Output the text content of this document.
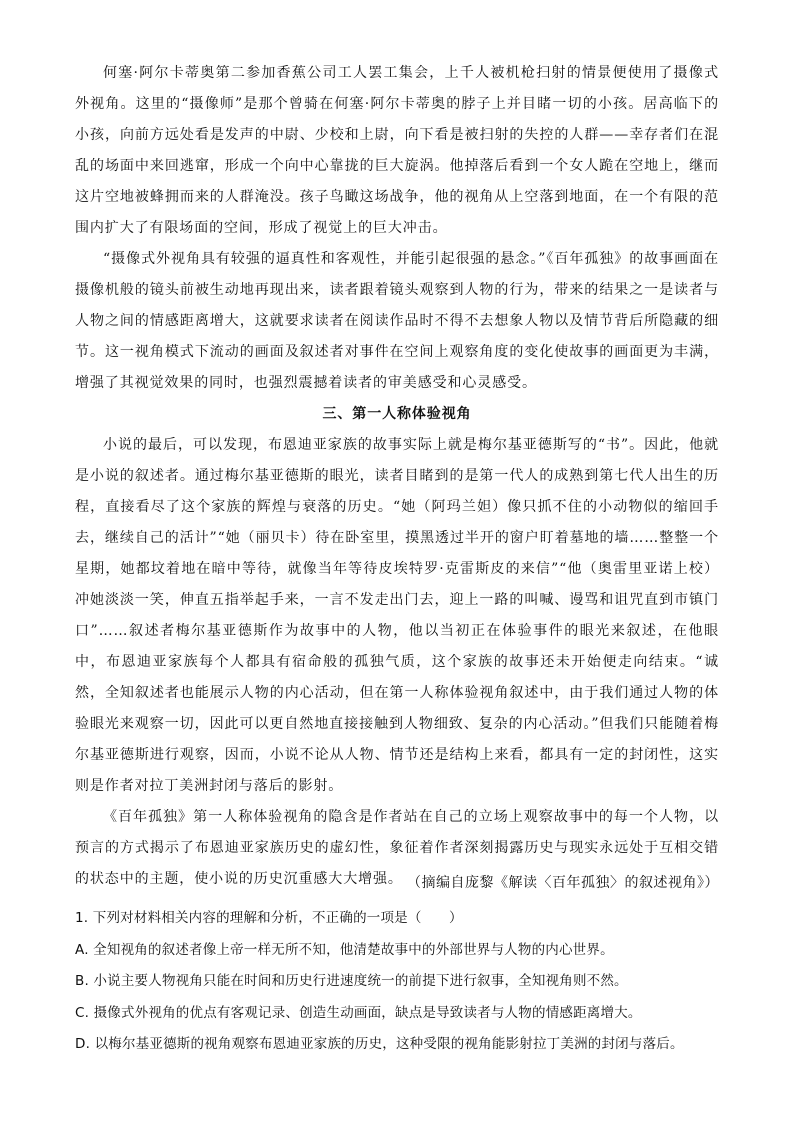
何塞·阿尔卡蒂奥第二参加香蕉公司工人罢工集会，上千人被机枪扫射的情景便使用了摄像式外视角。这里的“摄像师”是那个曾骑在何塞·阿尔卡蒂奥的脖子上并目睹一切的小孩。居高临下的小孩，向前方远处看是发声的中尉、少校和上尉，向下看是被扫射的失控的人群——幸存者们在混乱的场面中来回逃窜，形成一个向中心靠拢的巨大旋涡。他掉落后看到一个女人跪在空地上，继而这片空地被蜂拥而来的人群淹没。孩子鸟瞰这场战争，他的视角从上空落到地面，在一个有限的范围内扩大了有限场面的空间，形成了视觉上的巨大冲击。

“摄像式外视角具有较强的逼真性和客观性，并能引起很强的悬念。”《百年孤独》的故事画面在摄像机般的镜头前被生动地再现出来，读者跟着镜头观察到人物的行为，带来的结果之一是读者与人物之间的情感距离增大，这就要求读者在阅读作品时不得不去想象人物以及情节背后所隐藏的细节。这一视角模式下流动的画面及叙述者对事件在空间上观察角度的变化使故事的画面更为丰满，增强了其视觉效果的同时，也强烈震撼着读者的审美感受和心灵感受。

三、第一人称体验视角

小说的最后，可以发现，布恩迪亚家族的故事实际上就是梅尔基亚德斯写的“书”。因此，他就是小说的叙述者。通过梅尔基亚德斯的眼光，读者目睹到的是第一代人的成熟到第七代人出生的历程，直接看尽了这个家族的辉煌与衰落的历史。“她（阿玛兰妲）像只抓不住的小动物似的缩回手去，继续自己的活计”“她（丽贝卡）待在卧室里，摸黑透过半开的窗户盯着墓地的墙……整整一个星期，她都坟着地在暗中等待，就像当年等待皮埃特罗·克雷斯皮的来信”“他（奥雷里亚诺上校）冲她淡淡一笑，伸直五指举起手来，一言不发走出门去，迎上一路的叫喊、谩骂和诅咒直到市镇门口”……叙述者梅尔基亚德斯作为故事中的人物，他以当初正在体验事件的眼光来叙述，在他眼中，布恩迪亚家族每个人都具有宿命般的孤独气质，这个家族的故事还未开始便走向结束。“诚然，全知叙述者也能展示人物的内心活动，但在第一人称体验视角叙述中，由于我们通过人物的体验眼光来观察一切，因此可以更自然地直接接触到人物细致、复杂的内心活动。”但我们只能随着梅尔基亚德斯进行观察，因而，小说不论从人物、情节还是结构上来看，都具有一定的封闭性，这实则是作者对拉丁美洲封闭与落后的影射。

《百年孤独》第一人称体验视角的隐含是作者站在自己的立场上观察故事中的每一个人物，以预言的方式揭示了布恩迪亚家族历史的虚幻性，象征着作者深刻揭露历史与现实永远处于互相交错的状态中的主题，使小说的历史沉重感大大增强。 （摘编自庞黎《解读〈百年孤独〉的叙述视角》）
1. 下列对材料相关内容的理解和分析，不正确的一项是（　　）
A. 全知视角的叙述者像上帝一样无所不知，他清楚故事中的外部世界与人物的内心世界。
B. 小说主要人物视角只能在时间和历史行进速度统一的前提下进行叙事，全知视角则不然。
C. 摄像式外视角的优点有客观记录、创造生动画面，缺点是导致读者与人物的情感距离增大。
D. 以梅尔基亚德斯的视角观察布恩迪亚家族的历史，这种受限的视角能影射拉丁美洲的封闭与落后。
